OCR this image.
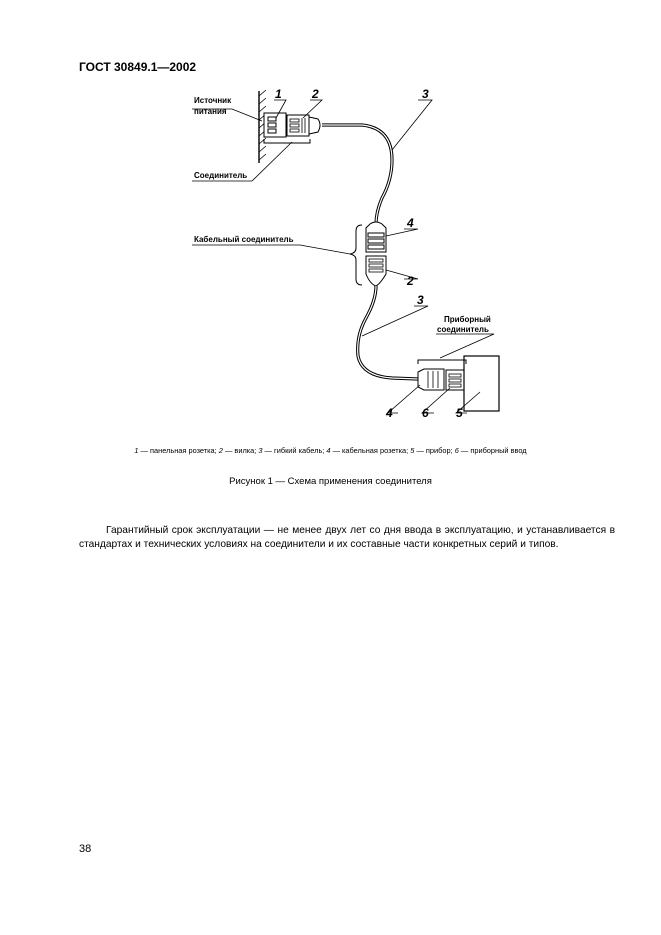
ГОСТ 30849.1—2002
1	2	3
4
2
3
4 6 5
Источник
питания
Соединитель
Кабельный соединитель
Приборный
соединитель
1 — панельная розетка; 2 — вилка; 3 — гибкий кабель; 4 — кабельная розетка; 5 — прибор; 6 — приборный ввод
Рисунок 1 — Схема применения соединителя

Гарантийный срок эксплуатации — не менее двух лет со дня ввода в эксплуатацию, и устанавливается в стандартах и технических условиях на соединители и их составные части конкретных серий и типов.

38
